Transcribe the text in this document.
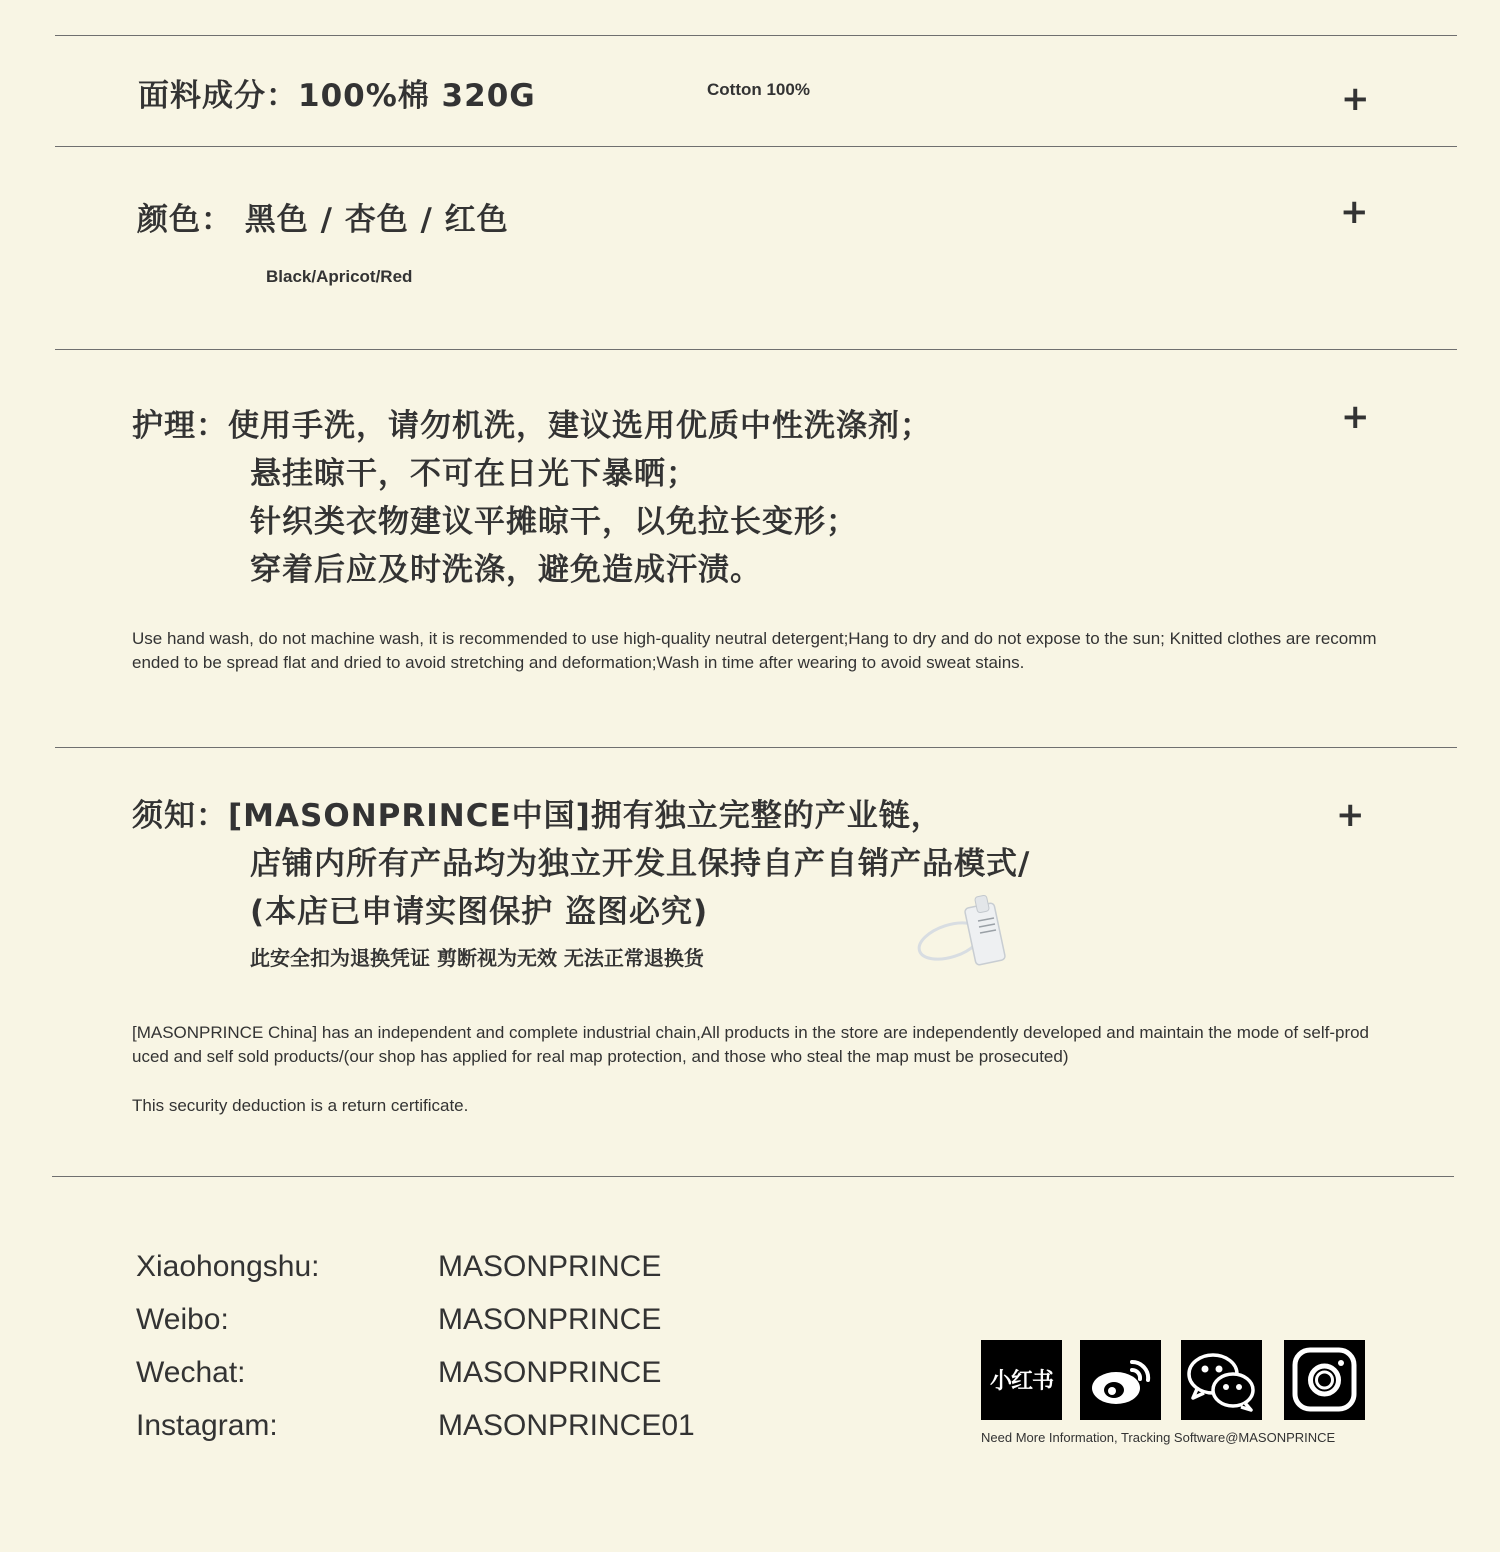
面料成分：100%棉 320G	Cotton 100%	+
颜色： 黑色 / 杏色 / 红色
Black/Apricot/Red
+
护理：使用手洗，请勿机洗，建议选用优质中性洗涤剂；
悬挂晾干，不可在日光下暴晒；
针织类衣物建议平摊晾干，以免拉长变形；
穿着后应及时洗涤，避免造成汗渍。
+
Use hand wash, do not machine wash, it is recommended to use high-quality neutral detergent;Hang to dry and do not expose to the sun; Knitted clothes are recommended to be spread flat and dried to avoid stretching and deformation;Wash in time after wearing to avoid sweat stains.
须知：[MASONPRINCE中国]拥有独立完整的产业链，
店铺内所有产品均为独立开发且保持自产自销产品模式/
(本店已申请实图保护 盗图必究)
此安全扣为退换凭证 剪断视为无效 无法正常退换货
+
[MASONPRINCE China] has an independent and complete industrial chain,All products in the store are independently developed and maintain the mode of self-produced and self sold products/(our shop has applied for real map protection, and those who steal the map must be prosecuted)
This security deduction is a return certificate.
Xiaohongshu:	MASONPRINCE
Weibo:	MASONPRINCE
Wechat:	MASONPRINCE
Instagram:	MASONPRINCE01
小红书
Need More Information, Tracking Software@MASONPRINCE
